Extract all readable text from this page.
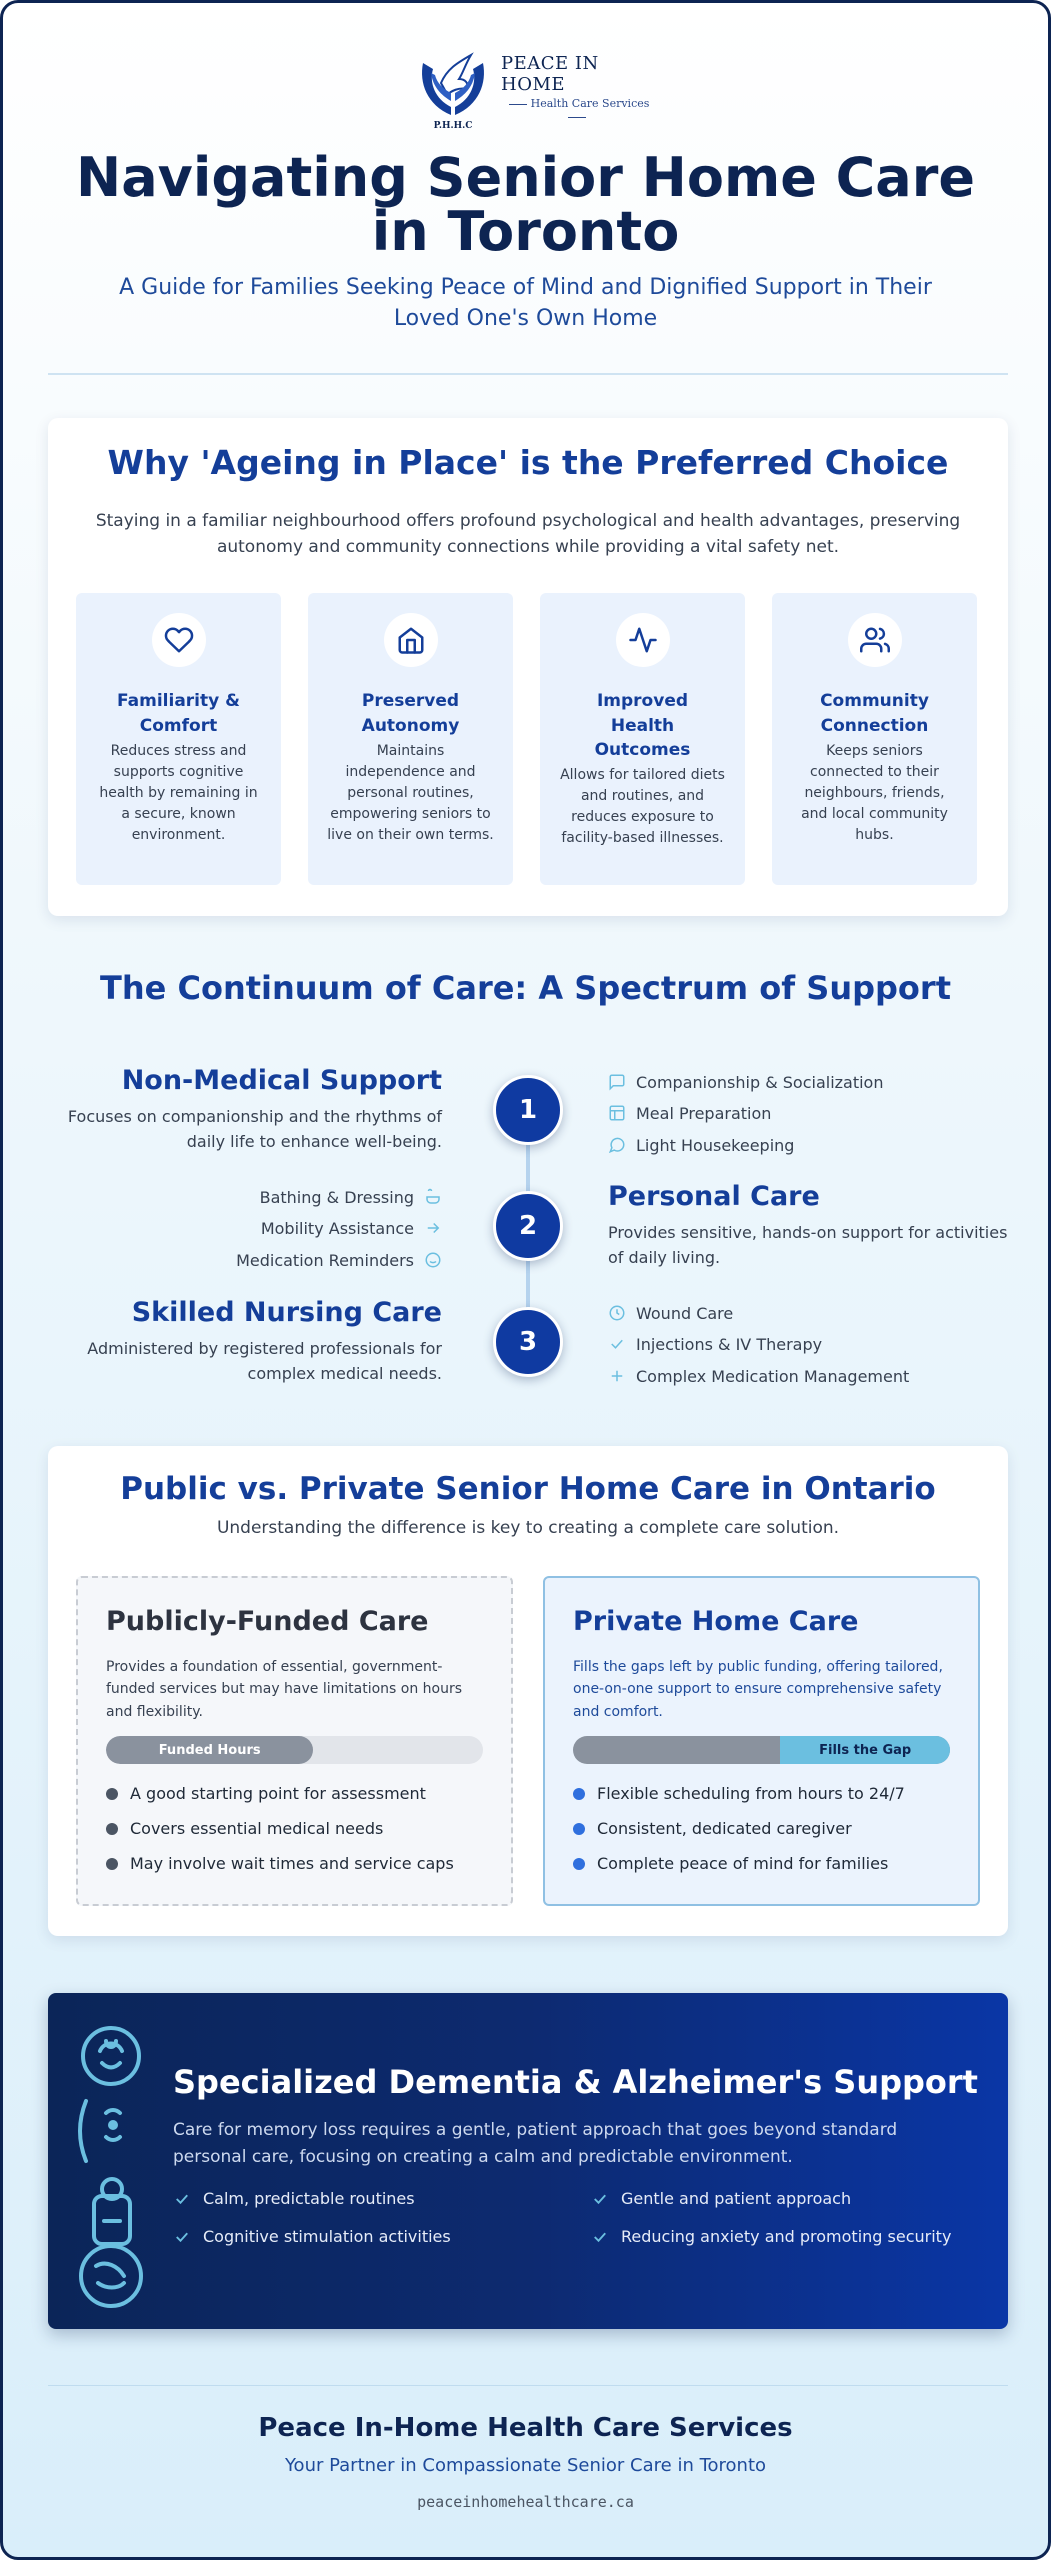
P.H.H.C
PEACE IN HOME
Health Care Services
Navigating Senior Home Care in Toronto
A Guide for Families Seeking Peace of Mind and Dignified Support in Their Loved One's Own Home
Why 'Ageing in Place' is the Preferred Choice

Staying in a familiar neighbourhood offers profound psychological and health advantages, preserving autonomy and community connections while providing a vital safety net.

Familiarity & Comfort
Reduces stress and supports cognitive health by remaining in a secure, known environment.
Preserved Autonomy
Maintains independence and personal routines, empowering seniors to live on their own terms.
Improved Health Outcomes
Allows for tailored diets and routines, and reduces exposure to facility-based illnesses.
Community Connection
Keeps seniors connected to their neighbours, friends, and local community hubs.
The Continuum of Care: A Spectrum of Support
Non-Medical Support
Focuses on companionship and the rhythms of daily life to enhance well-being.
1
Companionship & Socialization
Meal Preparation
Light Housekeeping
Bathing & Dressing
Mobility Assistance
Medication Reminders
2
Personal Care
Provides sensitive, hands-on support for activities of daily living.
Skilled Nursing Care
Administered by registered professionals for complex medical needs.
3
Wound Care
Injections & IV Therapy
Complex Medication Management
Public vs. Private Senior Home Care in Ontario

Understanding the difference is key to creating a complete care solution.

Publicly-Funded Care
Provides a foundation of essential, government-funded services but may have limitations on hours and flexibility.
Funded Hours
A good starting point for assessment
Covers essential medical needs
May involve wait times and service caps
Private Home Care
Fills the gaps left by public funding, offering tailored, one-on-one support to ensure comprehensive safety and comfort.
Fills the Gap
Flexible scheduling from hours to 24/7
Consistent, dedicated caregiver
Complete peace of mind for families
Specialized Dementia & Alzheimer's Support

Care for memory loss requires a gentle, patient approach that goes beyond standard personal care, focusing on creating a calm and predictable environment.

Calm, predictable routines	Gentle and patient approach
Cognitive stimulation activities	Reducing anxiety and promoting security
Peace In-Home Health Care Services
Your Partner in Compassionate Senior Care in Toronto
peaceinhomehealthcare.ca
